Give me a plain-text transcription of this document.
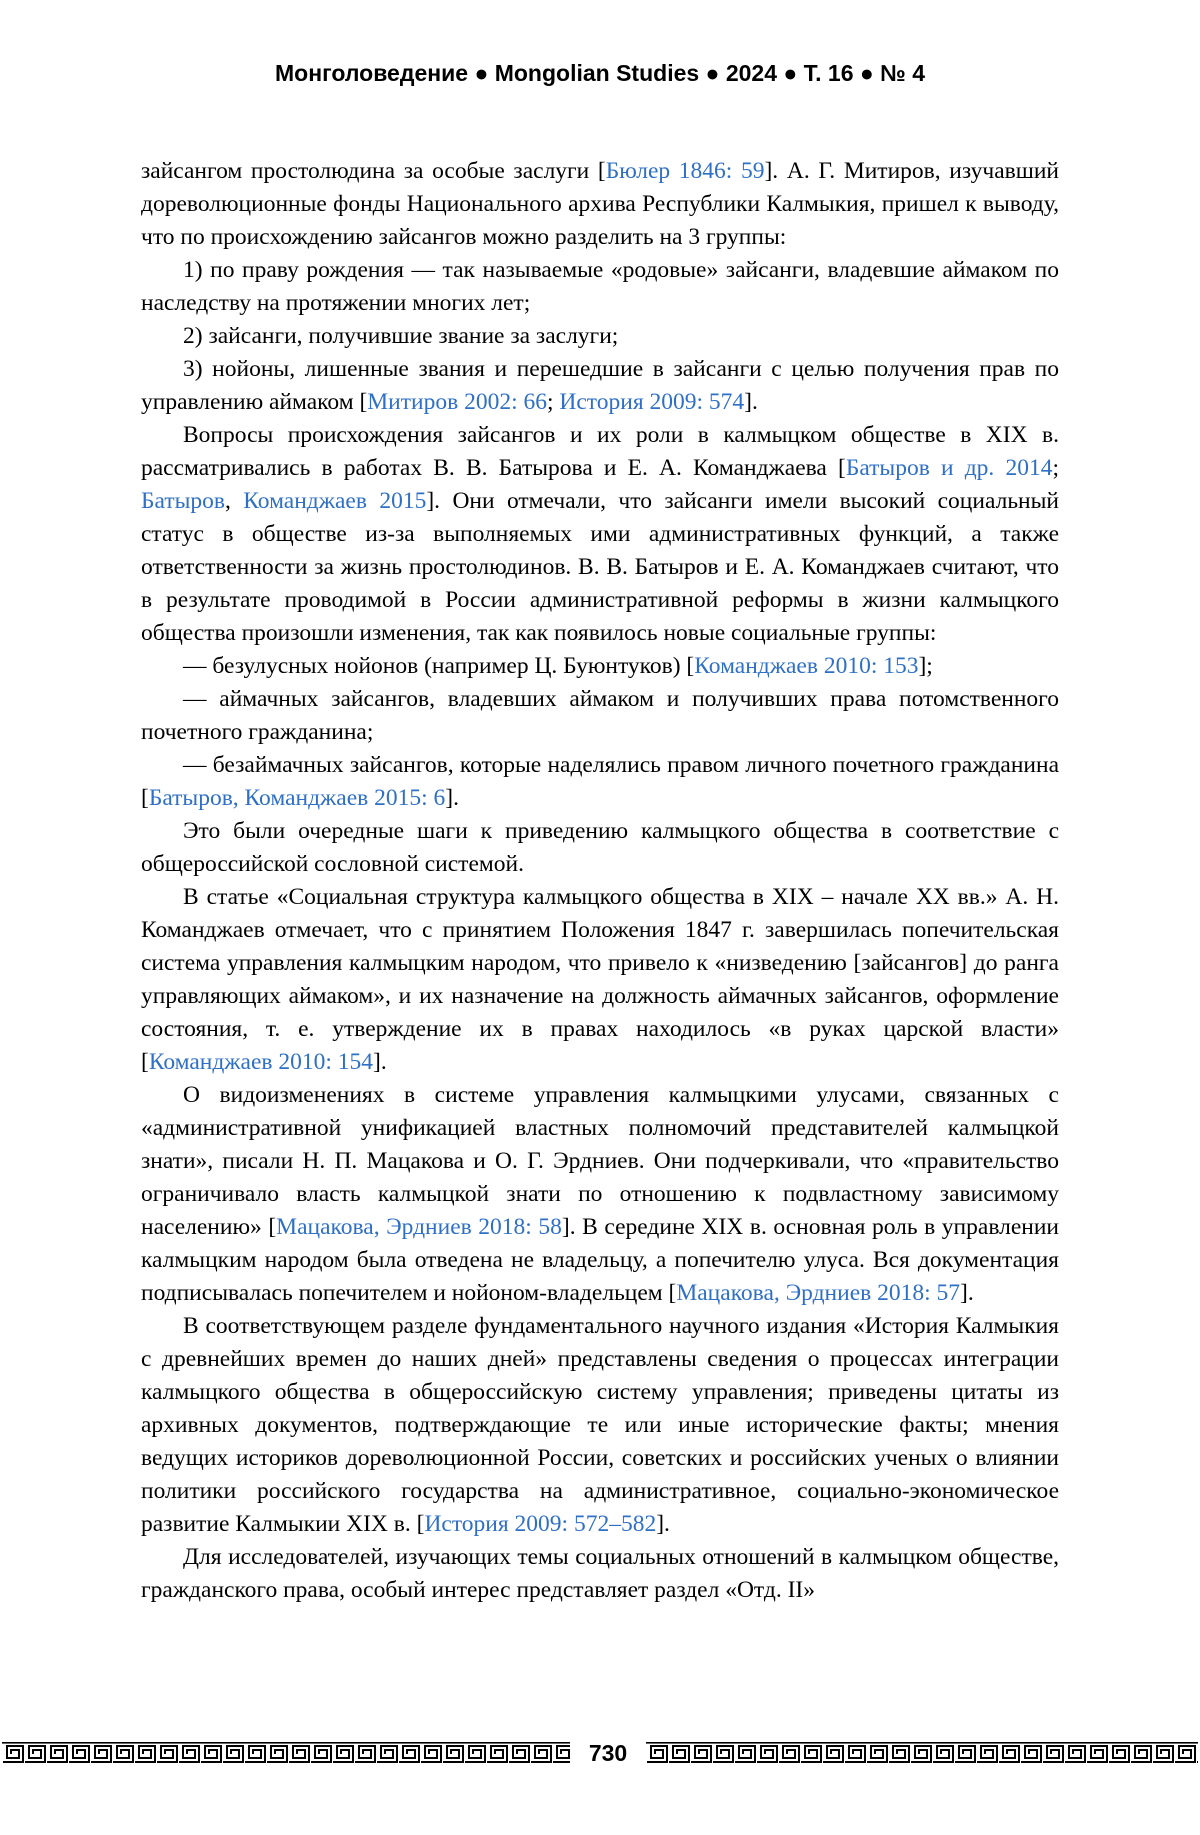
Монголоведение ● Mongolian Studies ● 2024 ● Т. 16 ● № 4

зайсангом простолюдина за особые заслуги [Бюлер 1846: 59]. А. Г. Митиров, изучавший дореволюционные фонды Национального архива Республики Калмыкия, пришел к выводу, что по происхождению зайсангов можно разделить на 3 группы:

1) по праву рождения — так называемые «родовые» зайсанги, владевшие аймаком по наследству на протяжении многих лет;

2) зайсанги, получившие звание за заслуги;

3) нойоны, лишенные звания и перешедшие в зайсанги с целью получения прав по управлению аймаком [Митиров 2002: 66; История 2009: 574].

Вопросы происхождения зайсангов и их роли в калмыцком обществе в XIX в. рассматривались в работах В. В. Батырова и Е. А. Команджаева [Батыров и др. 2014; Батыров, Команджаев 2015]. Они отмечали, что зайсанги имели высокий социальный статус в обществе из-за выполняемых ими административных функций, а также ответственности за жизнь простолюдинов. В. В. Батыров и Е. А. Команджаев считают, что в результате проводимой в России административной реформы в жизни калмыцкого общества произошли изменения, так как появилось новые социальные группы:

— безулусных нойонов (например Ц. Буюнтуков) [Команджаев 2010: 153];

— аймачных зайсангов, владевших аймаком и получивших права потомственного почетного гражданина;

— безаймачных зайсангов, которые наделялись правом личного почетного гражданина [Батыров, Команджаев 2015: 6].

Это были очередные шаги к приведению калмыцкого общества в соответствие с общероссийской сословной системой.

В статье «Социальная структура калмыцкого общества в XIX – начале XX вв.» А. Н. Команджаев отмечает, что с принятием Положения 1847 г. завершилась попечительская система управления калмыцким народом, что привело к «низведению [зайсангов] до ранга управляющих аймаком», и их назначение на должность аймачных зайсангов, оформление состояния, т. е. утверждение их в правах находилось «в руках царской власти» [Команджаев 2010: 154].

О видоизменениях в системе управления калмыцкими улусами, связанных с «административной унификацией властных полномочий представителей калмыцкой знати», писали Н. П. Мацакова и О. Г. Эрдниев. Они подчеркивали, что «правительство ограничивало власть калмыцкой знати по отношению к подвластному зависимому населению» [Мацакова, Эрдниев 2018: 58]. В середине XIX в. основная роль в управлении калмыцким народом была отведена не владельцу, а попечителю улуса. Вся документация подписывалась попечителем и нойоном-владельцем [Мацакова, Эрдниев 2018: 57].

В соответствующем разделе фундаментального научного издания «История Калмыкия с древнейших времен до наших дней» представлены сведения о процессах интеграции калмыцкого общества в общероссийскую систему управления; приведены цитаты из архивных документов, подтверждающие те или иные исторические факты; мнения ведущих историков дореволюционной России, советских и российских ученых о влиянии политики российского государства на административное, социально-экономическое развитие Калмыкии XIX в. [История 2009: 572–582].

Для исследователей, изучающих темы социальных отношений в калмыцком обществе, гражданского права, особый интерес представляет раздел «Отд. II»

730
